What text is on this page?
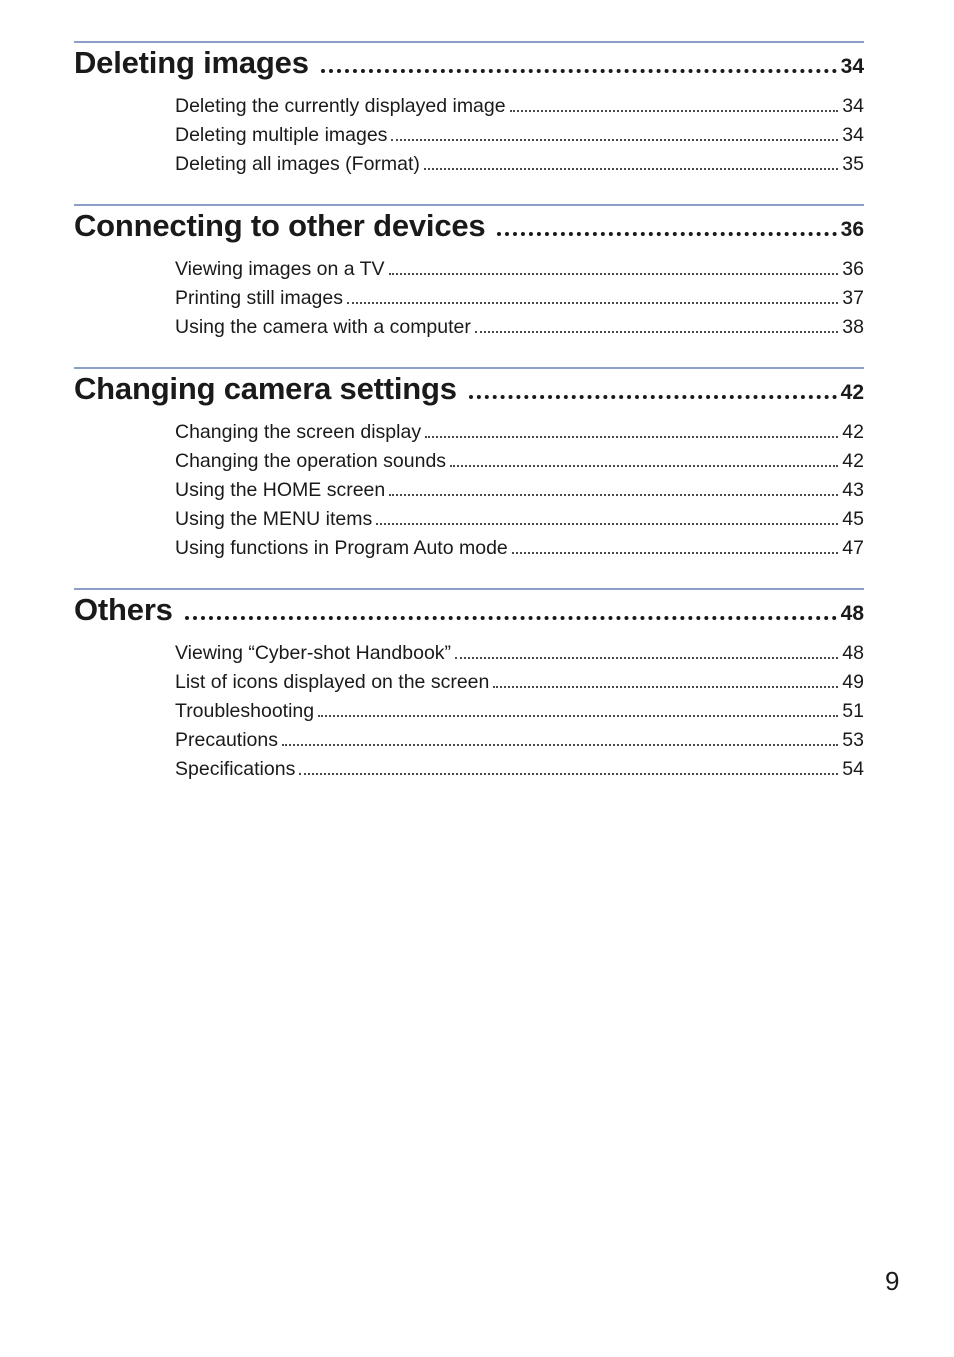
Deleting images	34
Deleting the currently displayed image	34
Deleting multiple images	34
Deleting all images (Format)	35
Connecting to other devices	36
Viewing images on a TV	36
Printing still images	37
Using the camera with a computer	38
Changing camera settings	42
Changing the screen display	42
Changing the operation sounds	42
Using the HOME screen	43
Using the MENU items	45
Using functions in Program Auto mode	47
Others	48
Viewing “Cyber-shot Handbook”	48
List of icons displayed on the screen	49
Troubleshooting	51
Precautions	53
Specifications	54
9
